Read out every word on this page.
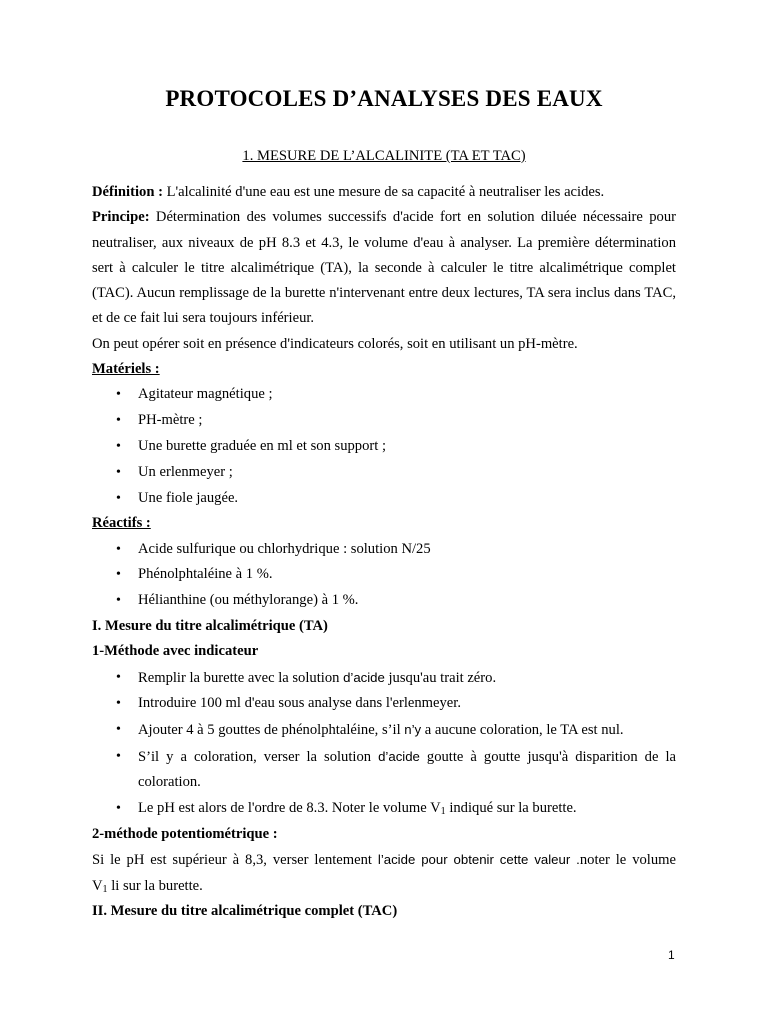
PROTOCOLES D’ANALYSES DES EAUX

1. MESURE DE L’ALCALINITE (TA ET TAC)

Définition : L'alcalinité d'une eau est une mesure de sa capacité à neutraliser les acides.

Principe: Détermination des volumes successifs d'acide fort en solution diluée nécessaire pour neutraliser, aux niveaux de pH 8.3 et 4.3, le volume d'eau à analyser. La première détermination sert à calculer le titre alcalimétrique (TA), la seconde à calculer le titre alcalimétrique complet (TAC). Aucun remplissage de la burette n'intervenant entre deux lectures, TA sera inclus dans TAC, et de ce fait lui sera toujours inférieur.

On peut opérer soit en présence d'indicateurs colorés, soit en utilisant un pH-mètre.

Matériels :

• Agitateur magnétique ;
• PH-mètre ;
• Une burette graduée en ml et son support ;
• Un erlenmeyer ;
• Une fiole jaugée.

Réactifs :

• Acide sulfurique ou chlorhydrique : solution N/25
• Phénolphtaléine à 1 %.
• Hélianthine (ou méthylorange) à 1 %.

I. Mesure du titre alcalimétrique (TA)

1-Méthode avec indicateur

• Remplir la burette avec la solution d’acide jusqu'au trait zéro.
• Introduire 100 ml d'eau sous analyse dans l'erlenmeyer.
• Ajouter 4 à 5 gouttes de phénolphtaléine, s’il n’y a aucune coloration, le TA est nul.
• S’il y a coloration, verser la solution d’acide goutte à goutte jusqu'à disparition de la coloration.
• Le pH est alors de l'ordre de 8.3. Noter le volume $V_1$ indiqué sur la burette.

2-méthode potentiométrique :

Si le pH est supérieur à 8,3, verser lentement l’acide pour obtenir cette valeur .noter le volume

$V_1$ li sur la burette.

II. Mesure du titre alcalimétrique complet (TAC)

1
